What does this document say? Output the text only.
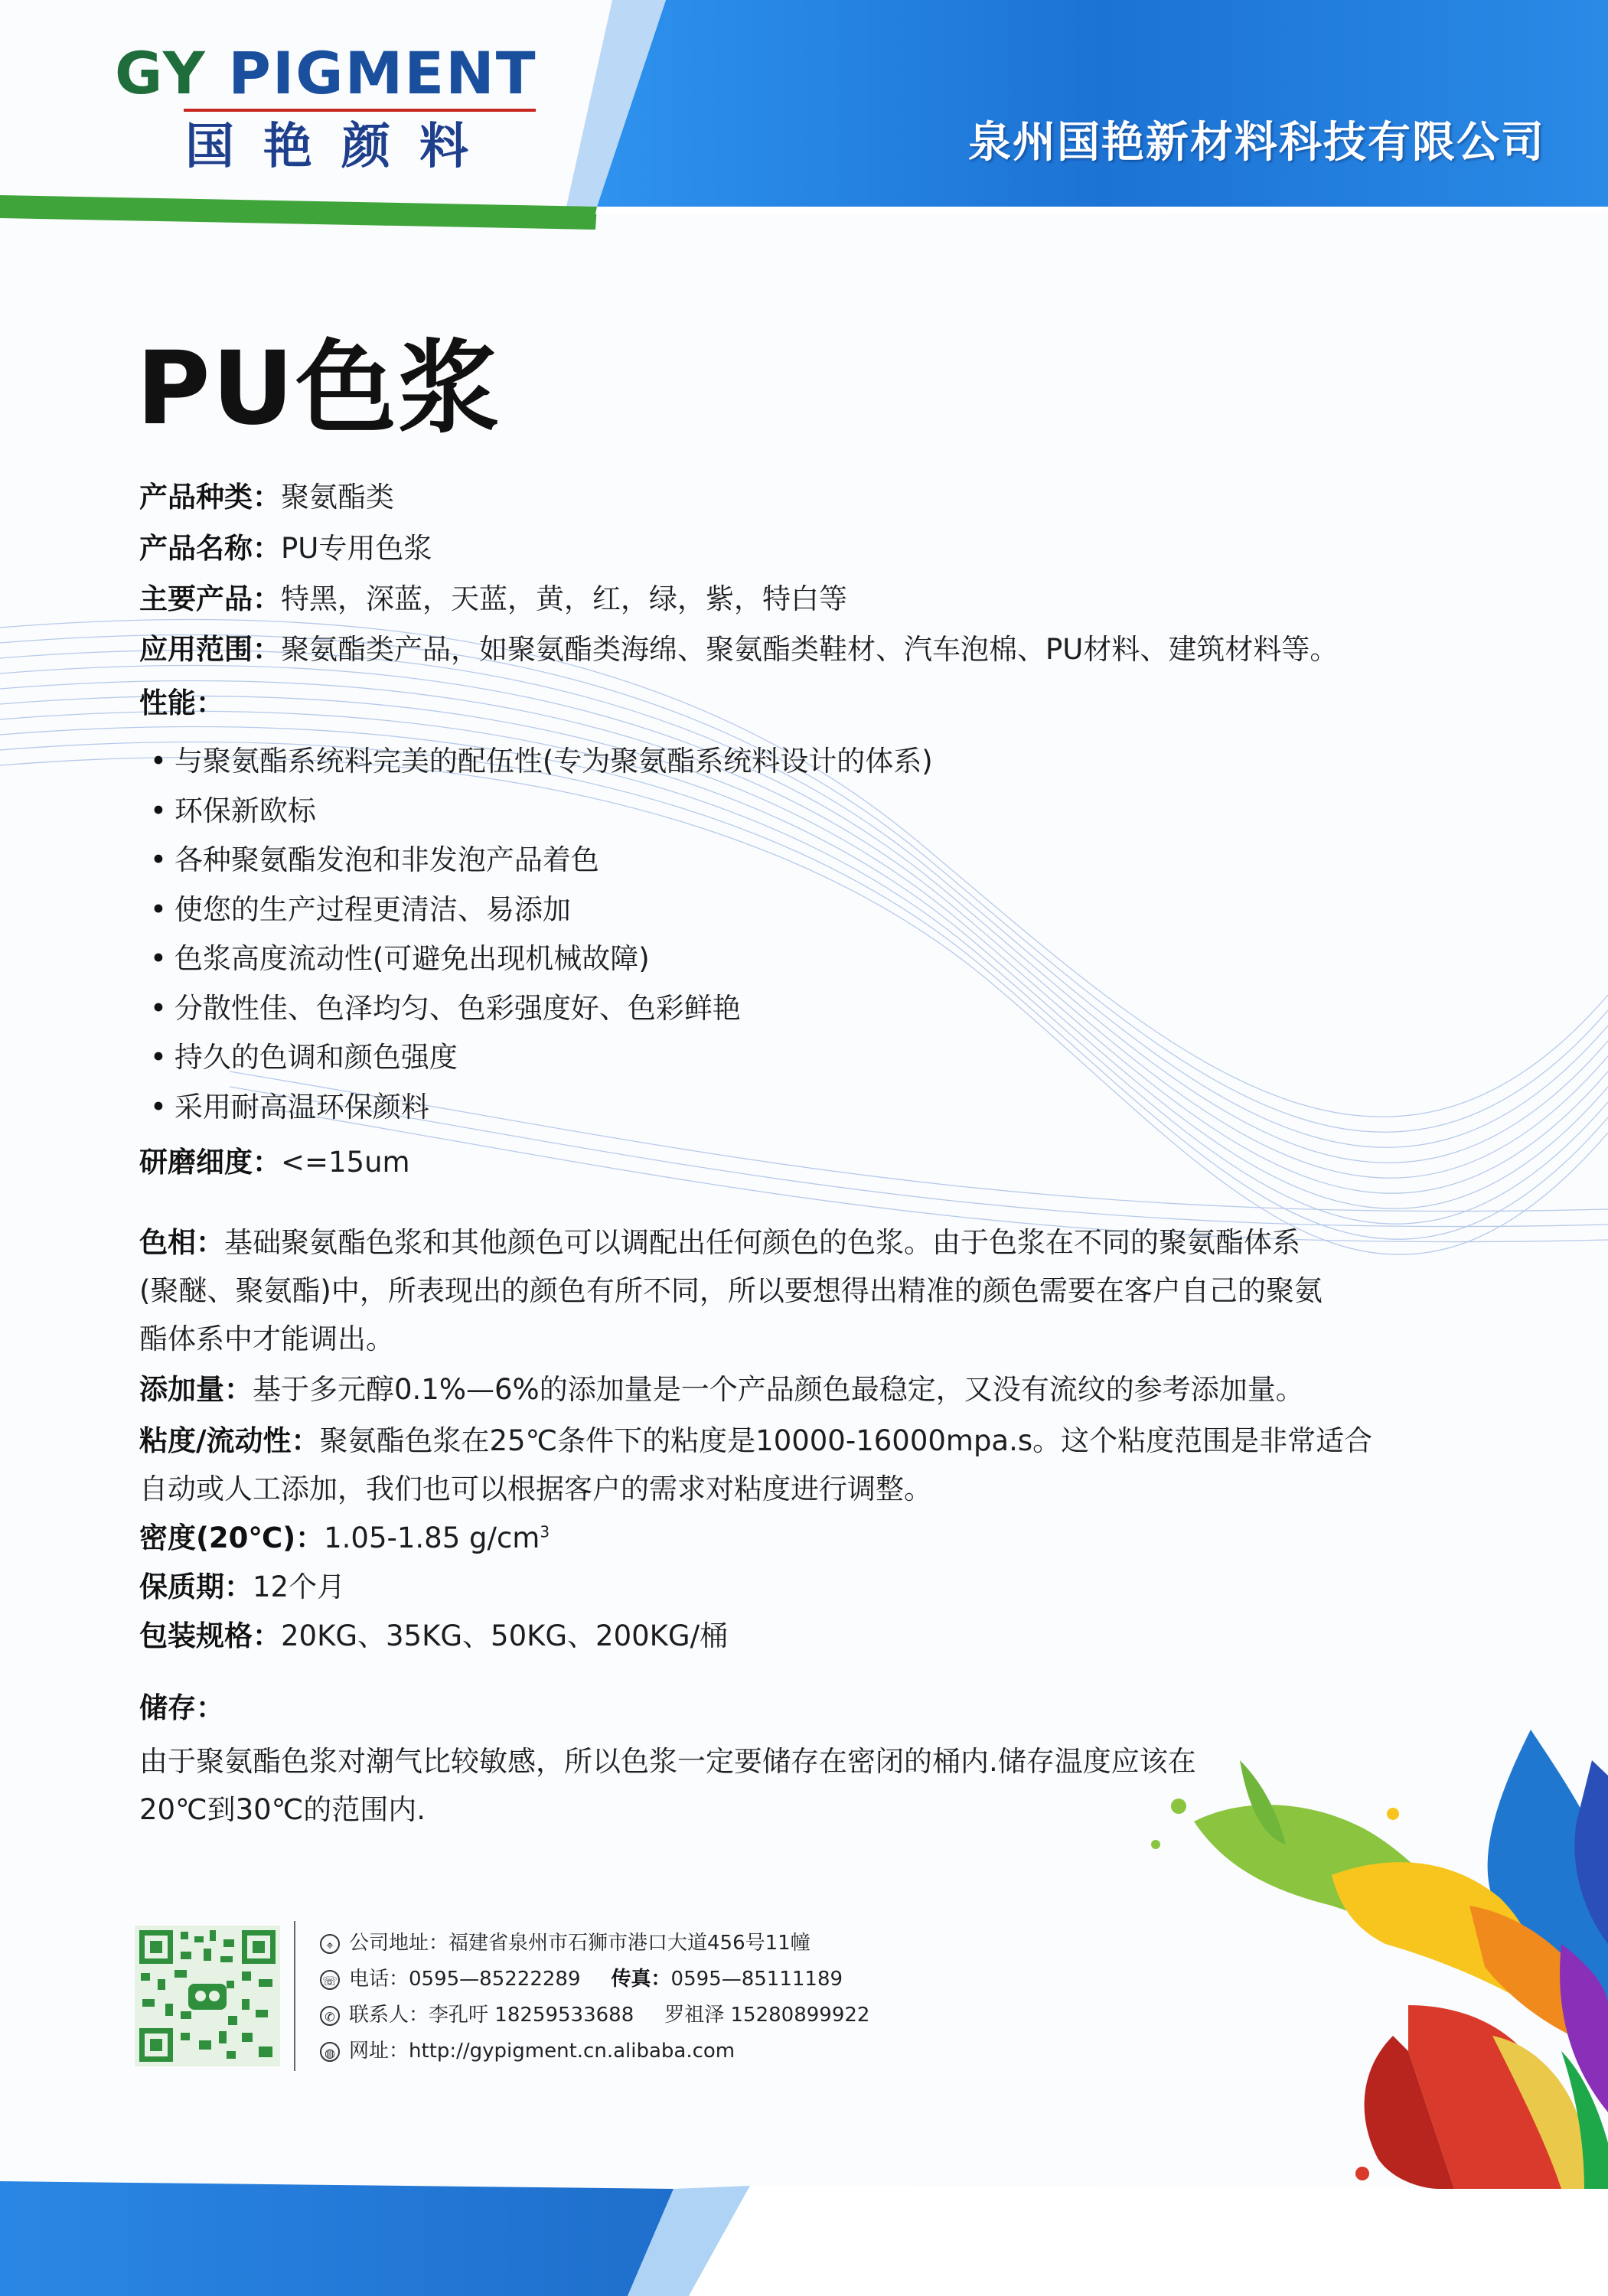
GY PIGMENT
国艳颜料	泉州国艳新材料科技有限公司
PU色浆
产品种类：聚氨酯类
产品名称：PU专用色浆
主要产品：特黑，深蓝，天蓝，黄，红，绿，紫，特白等
应用范围：聚氨酯类产品，如聚氨酯类海绵、聚氨酯类鞋材、汽车泡棉、PU材料、建筑材料等。
性能：
• 与聚氨酯系统料完美的配伍性(专为聚氨酯系统料设计的体系)
• 环保新欧标
• 各种聚氨酯发泡和非发泡产品着色
• 使您的生产过程更清洁、易添加
• 色浆高度流动性(可避免出现机械故障)
• 分散性佳、色泽均匀、色彩强度好、色彩鲜艳
• 持久的色调和颜色强度
• 采用耐高温环保颜料
研磨细度：<=15um
色相：基础聚氨酯色浆和其他颜色可以调配出任何颜色的色浆。由于色浆在不同的聚氨酯体系
(聚醚、聚氨酯)中，所表现出的颜色有所不同，所以要想得出精准的颜色需要在客户自己的聚氨
酯体系中才能调出。
添加量：基于多元醇0.1%—6%的添加量是一个产品颜色最稳定，又没有流纹的参考添加量。
粘度/流动性：聚氨酯色浆在25℃条件下的粘度是10000-16000mpa.s。这个粘度范围是非常适合
自动或人工添加，我们也可以根据客户的需求对粘度进行调整。
密度(20℃)：1.05-1.85 $g/cm^3$
保质期：12个月
包装规格：20KG、35KG、50KG、200KG/桶
储存：
由于聚氨酯色浆对潮气比较敏感，所以色浆一定要储存在密闭的桶内.储存温度应该在
20℃到30℃的范围内.
⌖ 公司地址：福建省泉州市石狮市港口大道456号11幢
☏ 电话：0595—85222289 传真：0595—85111189
✆ 联系人：李孔吁 18259533688 罗祖泽 15280899922
◍ 网址：http://gypigment.cn.alibaba.com
